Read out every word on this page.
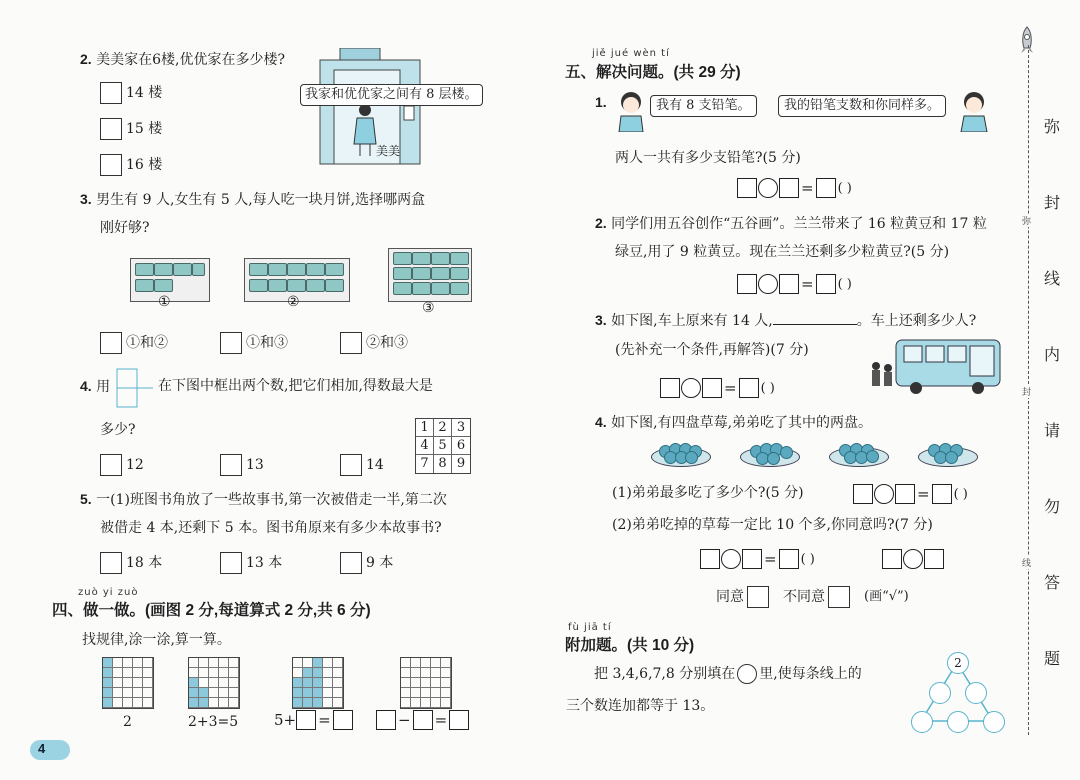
2. 美美家在6楼,优优家在多少楼?
14 楼
15 楼
16 楼
我家和优优家之间有 8 层楼。
美美
3. 男生有 9 人,女生有 5 人,每人吃一块月饼,选择哪两盒
刚好够?
①	②	③
①和②	①和③	②和③
4. 用	在下图中框出两个数,把它们相加,得数最大是
多少?	1 2 3
4 5 6
7 8 9
12	13	14
5. 一(1)班图书角放了一些故事书,第一次被借走一半,第二次
被借走 4 本,还剩下 5 本。图书角原来有多少本故事书?
18 本	13 本	9 本
zuò yi zuò
四、做一做。(画图 2 分,每道算式 2 分,共 6 分)
找规律,涂一涂,算一算。
2	2+3=5 5+ =	− =
4
jiě jué wèn tí
五、解决问题。(共 29 分)
1.	我有 8 支铅笔。	我的铅笔支数和你同样多。
两人一共有多少支铅笔?(5 分)
= ( )
2. 同学们用五谷创作“五谷画”。兰兰带来了 16 粒黄豆和 17 粒
绿豆,用了 9 粒黄豆。现在兰兰还剩多少粒黄豆?(5 分)
= ( )
3. 如下图,车上原来有 14 人,	。车上还剩多少人?
(先补充一个条件,再解答)(7 分)
= ( )
4. 如下图,有四盘草莓,弟弟吃了其中的两盘。
(1)弟弟最多吃了多少个?(5 分)	= ( )
(2)弟弟吃掉的草莓一定比 10 个多,你同意吗?(7 分)
= ( )
同意	不同意	(画“√”)
fù jiā tí
附加题。(共 10 分)
把 3,4,6,7,8 分别填在 里,使每条线上的
三个数连加都等于 13。
2
弥
封
线
内
请
勿
答
题
弥
封
线
